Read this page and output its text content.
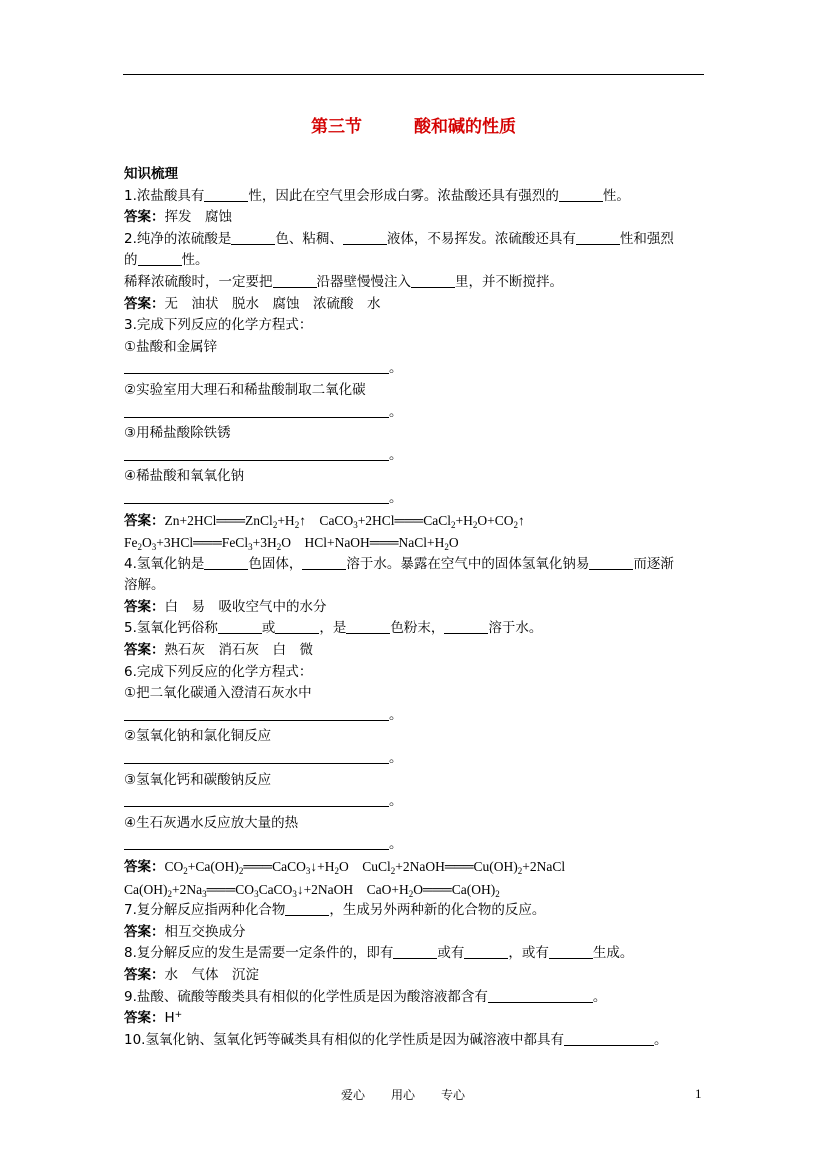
第三节	酸和碱的性质
知识梳理
1.浓盐酸具有	性，因此在空气里会形成白雾。浓盐酸还具有强烈的	性。
答案：挥发　腐蚀
2.纯净的浓硫酸是	色、粘稠、	液体，不易挥发。浓硫酸还具有	性和强烈
的	性。
稀释浓硫酸时，一定要把	沿器壁慢慢注入	里，并不断搅拌。
答案：无　油状　脱水　腐蚀　浓硫酸　水
3.完成下列反应的化学方程式：
①盐酸和金属锌
。
②实验室用大理石和稀盐酸制取二氧化碳
。
③用稀盐酸除铁锈
。
④稀盐酸和氧氧化钠
。
答案：$Zn+2HCl═══ZnCl_2+H_2↑$　$CaCO_3+2HCl═══CaCl_2+H_2O+CO_2↑$
$Fe_2O_3+3HCl═══FeCl_3+3H_2O$　$HCl+NaOH═══NaCl+H_2O$
4.氢氧化钠是	色固体，	溶于水。暴露在空气中的固体氢氧化钠易	而逐渐
溶解。
答案：白　易　吸收空气中的水分
5.氢氧化钙俗称	或	，是	色粉末，	溶于水。
答案：熟石灰　消石灰　白　微
6.完成下列反应的化学方程式：
①把二氧化碳通入澄清石灰水中
。
②氢氧化钠和氯化铜反应
。
③氢氧化钙和碳酸钠反应
。
④生石灰遇水反应放大量的热
。
答案：$CO_2+Ca(OH)_2═══CaCO_3↓+H_2O$　$CuCl_2+2NaOH═══Cu(OH)_2+2NaCl$
$Ca(OH)_2+2Na_3═══CO_3CaCO_3↓+2NaOH$　$CaO+H_2O═══Ca(OH)_2$
7.复分解反应指两种化合物	，生成另外两种新的化合物的反应。
答案：相互交换成分
8.复分解反应的发生是需要一定条件的，即有	或有	，或有	生成。
答案：水　气体　沉淀
9.盐酸、硫酸等酸类具有相似的化学性质是因为酸溶液都含有	。
答案：H+
10.氢氧化钠、氢氧化钙等碱类具有相似的化学性质是因为碱溶液中都具有	。
爱心 用心 专心	1
